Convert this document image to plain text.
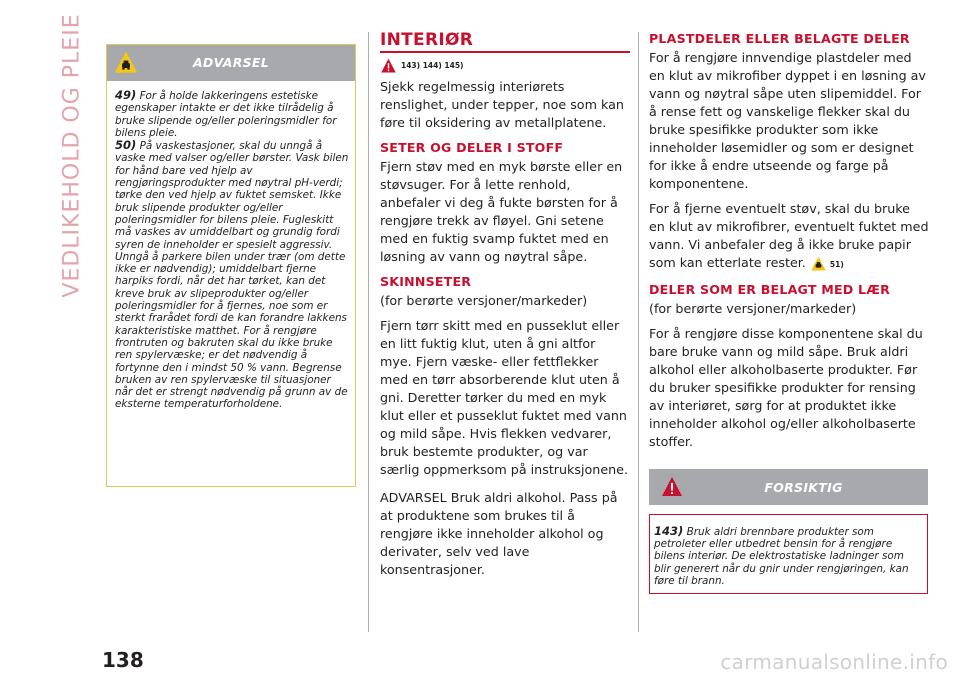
VEDLIKEHOLD OG PLEIE	ADVARSEL
49) For å holde lakkeringens estetiske egenskaper intakte er det ikke tilrådelig å bruke slipende og/eller poleringsmidler for bilens pleie.
50) På vaskestasjoner, skal du unngå å vaske med valser og/eller børster. Vask bilen for hånd bare ved hjelp av rengjøringsprodukter med nøytral pH-verdi; tørke den ved hjelp av fuktet semsket. Ikke bruk slipende produkter og/eller poleringsmidler for bilens pleie. Fugleskitt må vaskes av umiddelbart og grundig fordi syren de inneholder er spesielt aggressiv. Unngå å parkere bilen under trær (om dette ikke er nødvendig); umiddelbart fjerne harpiks fordi, når det har tørket, kan det kreve bruk av slipeprodukter og/eller poleringsmidler for å fjernes, noe som er sterkt frarådet fordi de kan forandre lakkens karakteristiske matthet. For å rengjøre frontruten og bakruten skal du ikke bruke ren spylervæske; er det nødvendig å fortynne den i mindst 50 % vann. Begrense bruken av ren spylervæske til situasjoner når det er strengt nødvendig på grunn av de eksterne temperaturforholdene.
INTERIØR
143) 144) 145)

Sjekk regelmessig interiørets renslighet, under tepper, noe som kan føre til oksidering av metallplatene.

SETER OG DELER I STOFF

Fjern støv med en myk børste eller en støvsuger. For å lette renhold, anbefaler vi deg å fukte børsten for å rengjøre trekk av fløyel. Gni setene med en fuktig svamp fuktet med en løsning av vann og nøytral såpe.

SKINNSETER

(for berørte versjoner/markeder)

Fjern tørr skitt med en pusseklut eller en litt fuktig klut, uten å gni altfor mye. Fjern væske- eller fettflekker med en tørr absorberende klut uten å gni. Deretter tørker du med en myk klut eller et pusseklut fuktet med vann og mild såpe. Hvis flekken vedvarer, bruk bestemte produkter, og var særlig oppmerksom på instruksjonene.

ADVARSEL Bruk aldri alkohol. Pass på at produktene som brukes til å rengjøre ikke inneholder alkohol og derivater, selv ved lave konsentrasjoner.

PLASTDELER ELLER BELAGTE DELER

For å rengjøre innvendige plastdeler med en klut av mikrofiber dyppet i en løsning av vann og nøytral såpe uten slipemiddel. For å rense fett og vanskelige flekker skal du bruke spesifikke produkter som ikke inneholder løsemidler og som er designet for ikke å endre utseende og farge på komponentene.

For å fjerne eventuelt støv, skal du bruke en klut av mikrofibrer, eventuelt fuktet med vann. Vi anbefaler deg å ikke bruke papir som kan etterlate rester.	51)

DELER SOM ER BELAGT MED LÆR

(for berørte versjoner/markeder)

For å rengjøre disse komponentene skal du bare bruke vann og mild såpe. Bruk aldri alkohol eller alkoholbaserte produkter. Før du bruker spesifikke produkter for rensing av interiøret, sørg for at produktet ikke inneholder alkohol og/eller alkoholbaserte stoffer.

FORSIKTIG
143) Bruk aldri brennbare produkter som petroleter eller utbedret bensin for å rengjøre bilens interiør. De elektrostatiske ladninger som blir generert når du gnir under rengjøringen, kan føre til brann.
138	carmanualsonline.info
